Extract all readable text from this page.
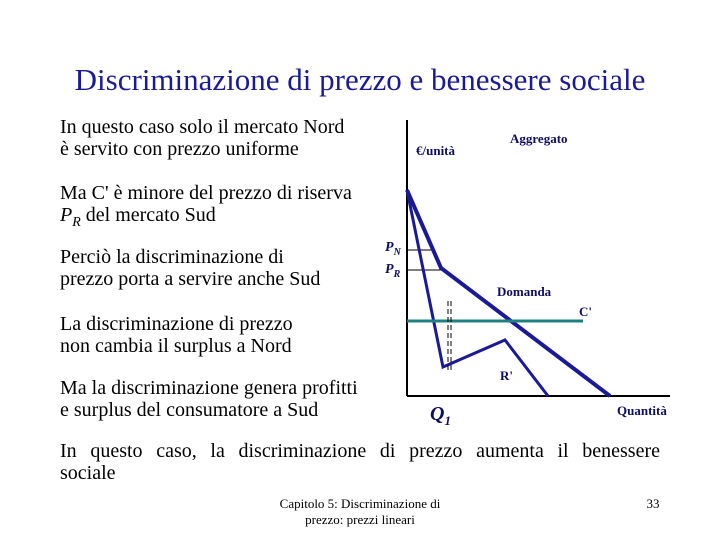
Discriminazione di prezzo e benessere sociale
In questo caso solo il mercato Nord
è servito con prezzo uniforme
Ma C' è minore del prezzo di riserva
$P_R$ del mercato Sud
Perciò la discriminazione di
prezzo porta a servire anche Sud
La discriminazione di prezzo
non cambia il surplus a Nord
Ma la discriminazione genera profitti
e surplus del consumatore a Sud
€/unità
Aggregato
$P_N$
$P_R$
Domanda
C'
R'
Quantità
$Q_1$
In questo caso, la discriminazione di prezzo aumenta il benessere
sociale
Capitolo 5: Discriminazione di
prezzo: prezzi lineari
33
